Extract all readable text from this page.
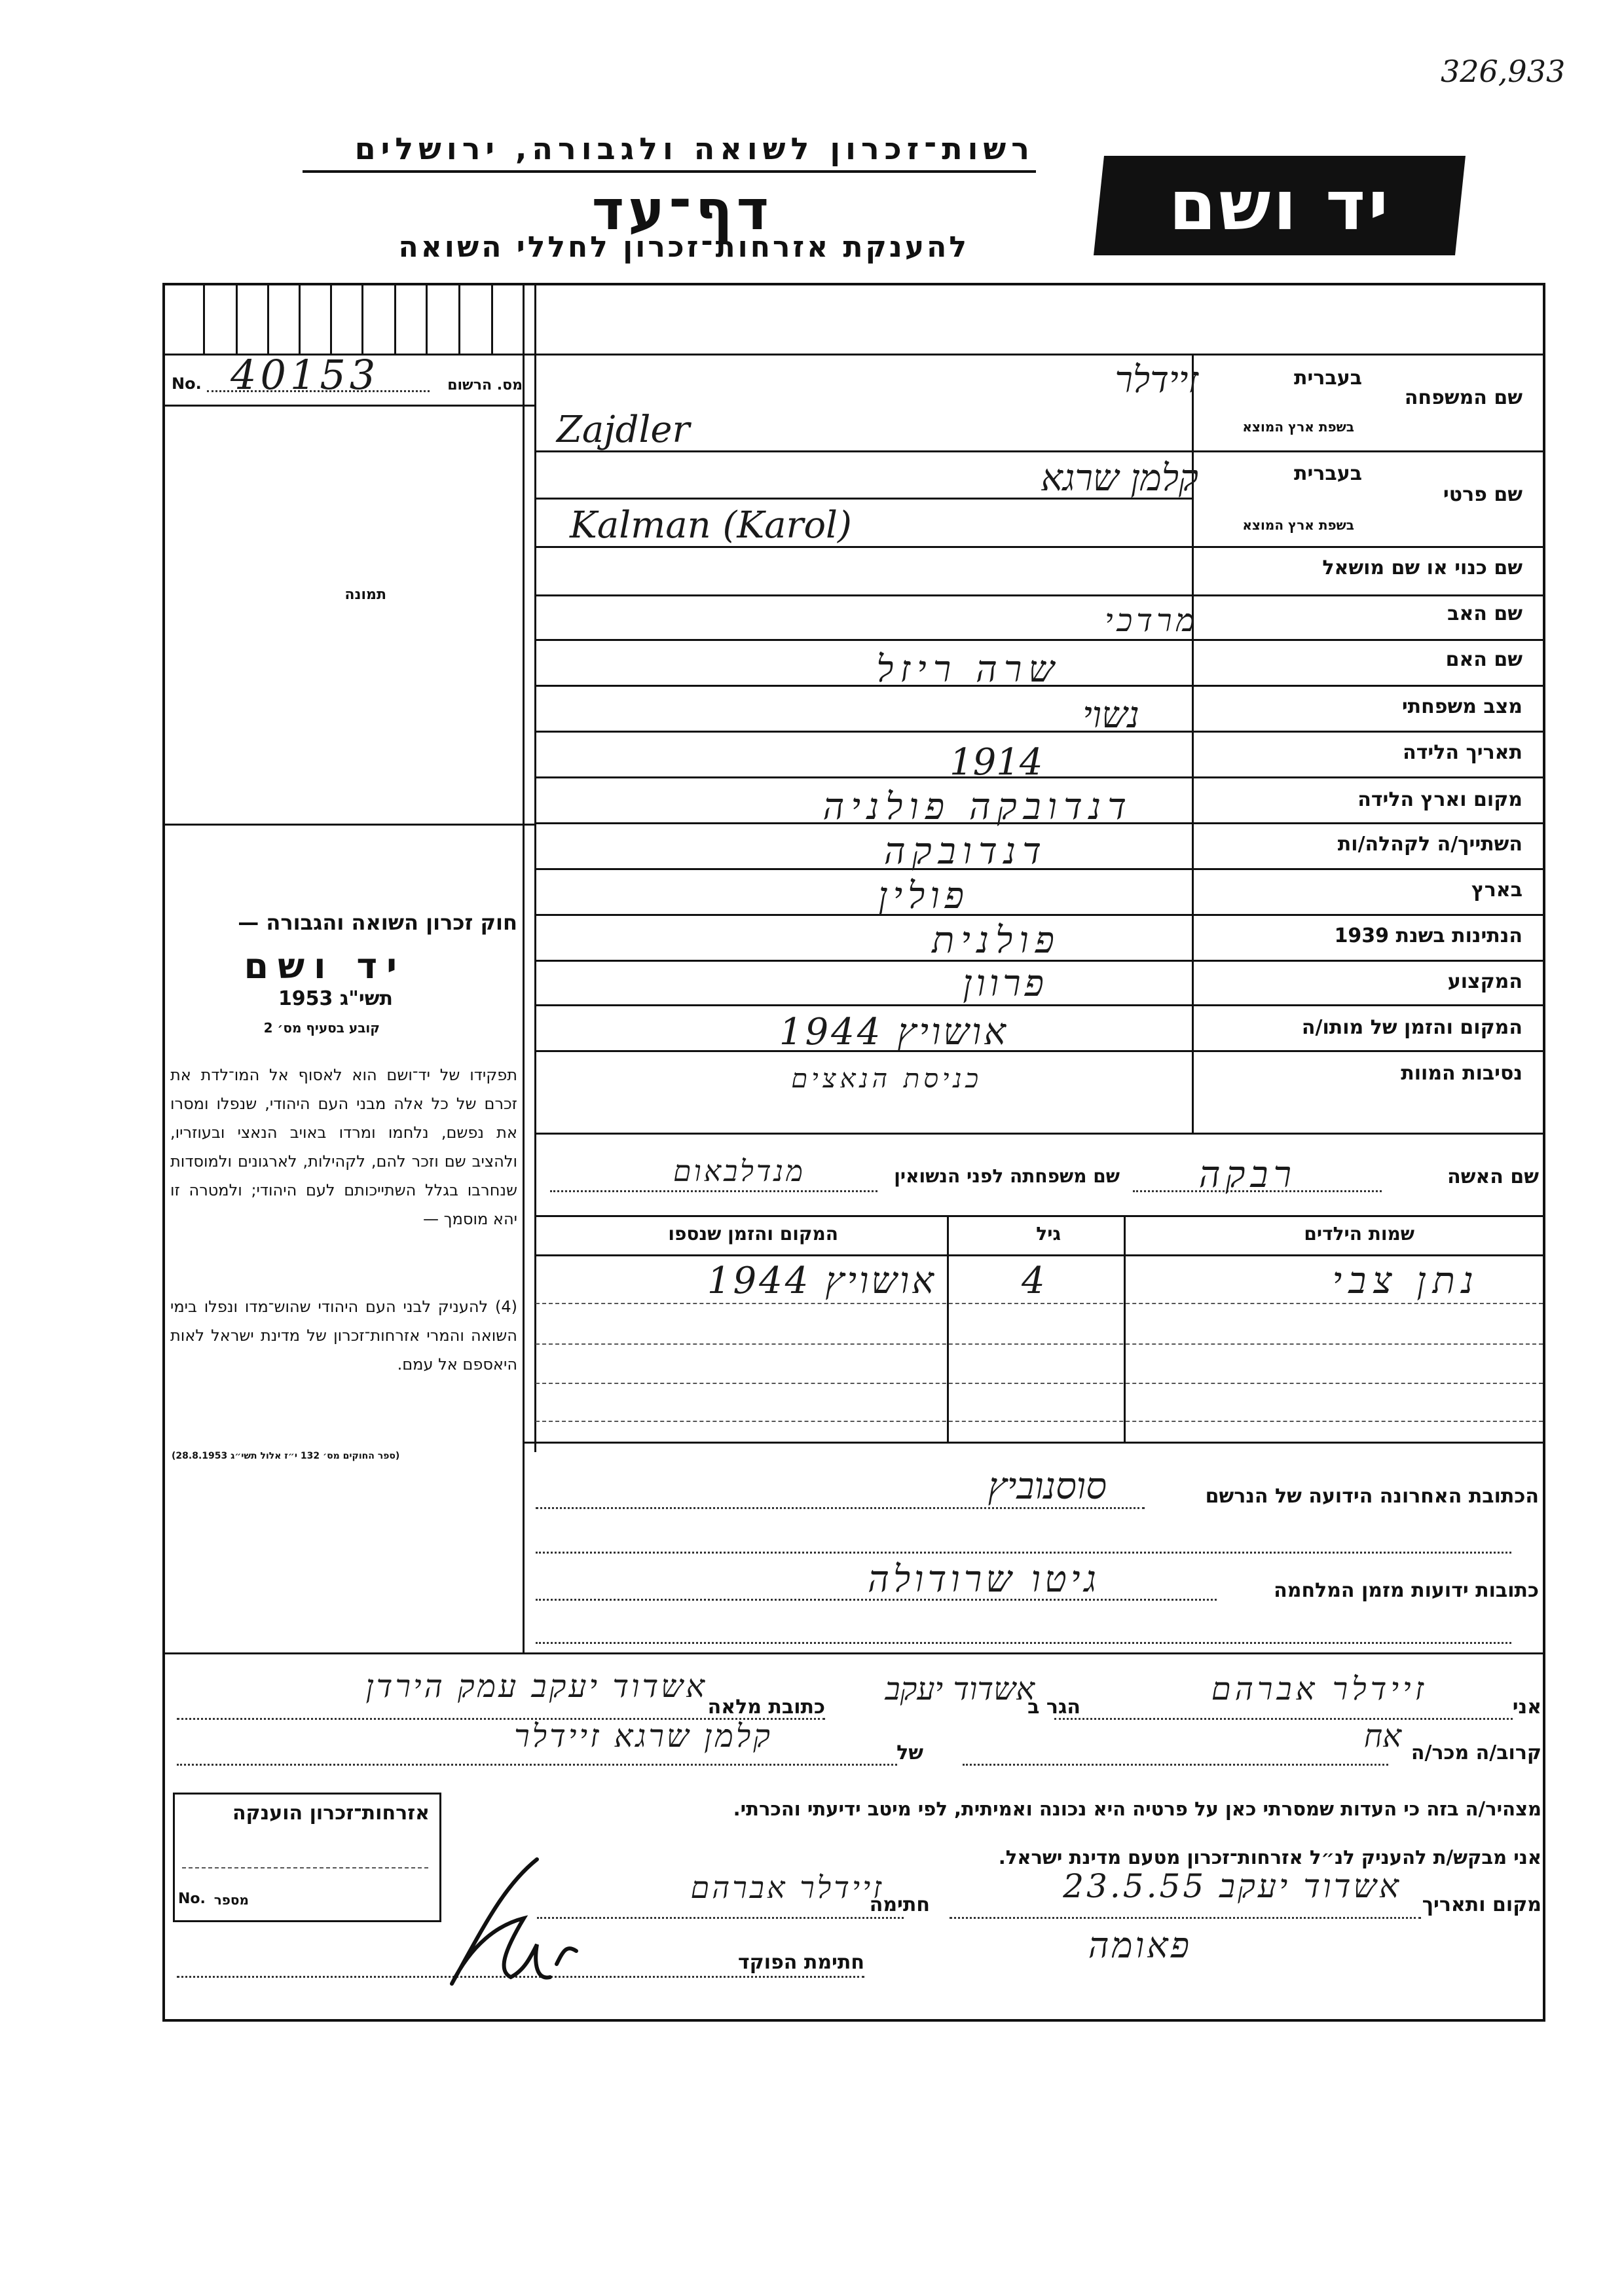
326,933
רשות־זכרון לשואה ולגבורה, ירושלים
דף־עד
להענקת אזרחות־זכרון לחללי השואה
יד ושם
No. 40153	מס. הרשום
תמונה
שם המשפחה
בעברית
בשפת ארץ המוצא
זיידלר
Zajdler
שם פרטי
בעברית
בשפת ארץ המוצא
קלמן שרגא
Kalman (Karol)
שם כנוי או שם מושאל
שם האב
מרדכי
שם האם
שרה ריזל
מצב משפחתי
נשוי
תאריך הלידה
1914
מקום וארץ הלידה
דנדובקה פולניה
השתייך/ה לקהלה/ות
דנדובקה
בארץ
פולין
הנתינות בשנת 1939
פולנית
המקצוע
פרוון
המקום והזמן של מותו/ה
אושויץ 1944
נסיבות המוות
כניסת הנאצים
שם האשה
רבקה
שם משפחתה לפני הנשואין
מנדלבאום
שמות הילדים
גיל
המקום והזמן שנספו
נתן צבי
4
אושויץ 1944
הכתובת האחרונה הידועה של הנרשם
סוסנוביץ
כתובות ידועות מזמן המלחמה
גיטו שרודולה
חוק זכרון השואה והגבורה —
יד ושם
תשי"ג 1953
קובע בסעיף מס׳ 2
תפקידו של יד־ושם הוא לאסוף אל המו־לדת את זכרם של כל אלה מבני העם היהודי, שנפלו ומסרו את נפשם, נלחמו ומרדו באויב הנאצי ובעוזריו, ולהציב שם וזכר להם, לקהילות, לארגונים ולמוסדות שנחרבו בגלל השתייכותם לעם היהודי; ולמטרה זו יהא מוסמך —
(4) להעניק לבני העם היהודי שהוש־מדו ונפלו בימי השואה והמרי אזרחות־זכרון של מדינת ישראל לאות היאספם אל עמם.
(ספר החוקים מס׳ 132 י״ז אלול תשי״ג 28.8.1953)
אני
זיידלר אברהם
הגר ב
אשדוד יעקב
כתובת מלאה
אשדוד יעקב עמק הירדן
קרוב/ה מכר/ה
אח
של
קלמן שרגא זיידלר
מצהיר/ה בזה כי העדות שמסרתי כאן על פרטיה היא נכונה ואמיתית, לפי מיטב ידיעתי והכרתי.
אני מבקש/ת להעניק לנ״ל אזרחות־זכרון מטעם מדינת ישראל.
מקום ותאריך
אשדוד יעקב 23.5.55
חתימה
זיידלר אברהם
חתימת הפוקד	פאומה
אזרחות־זכרון הוענקה
No. מספר
